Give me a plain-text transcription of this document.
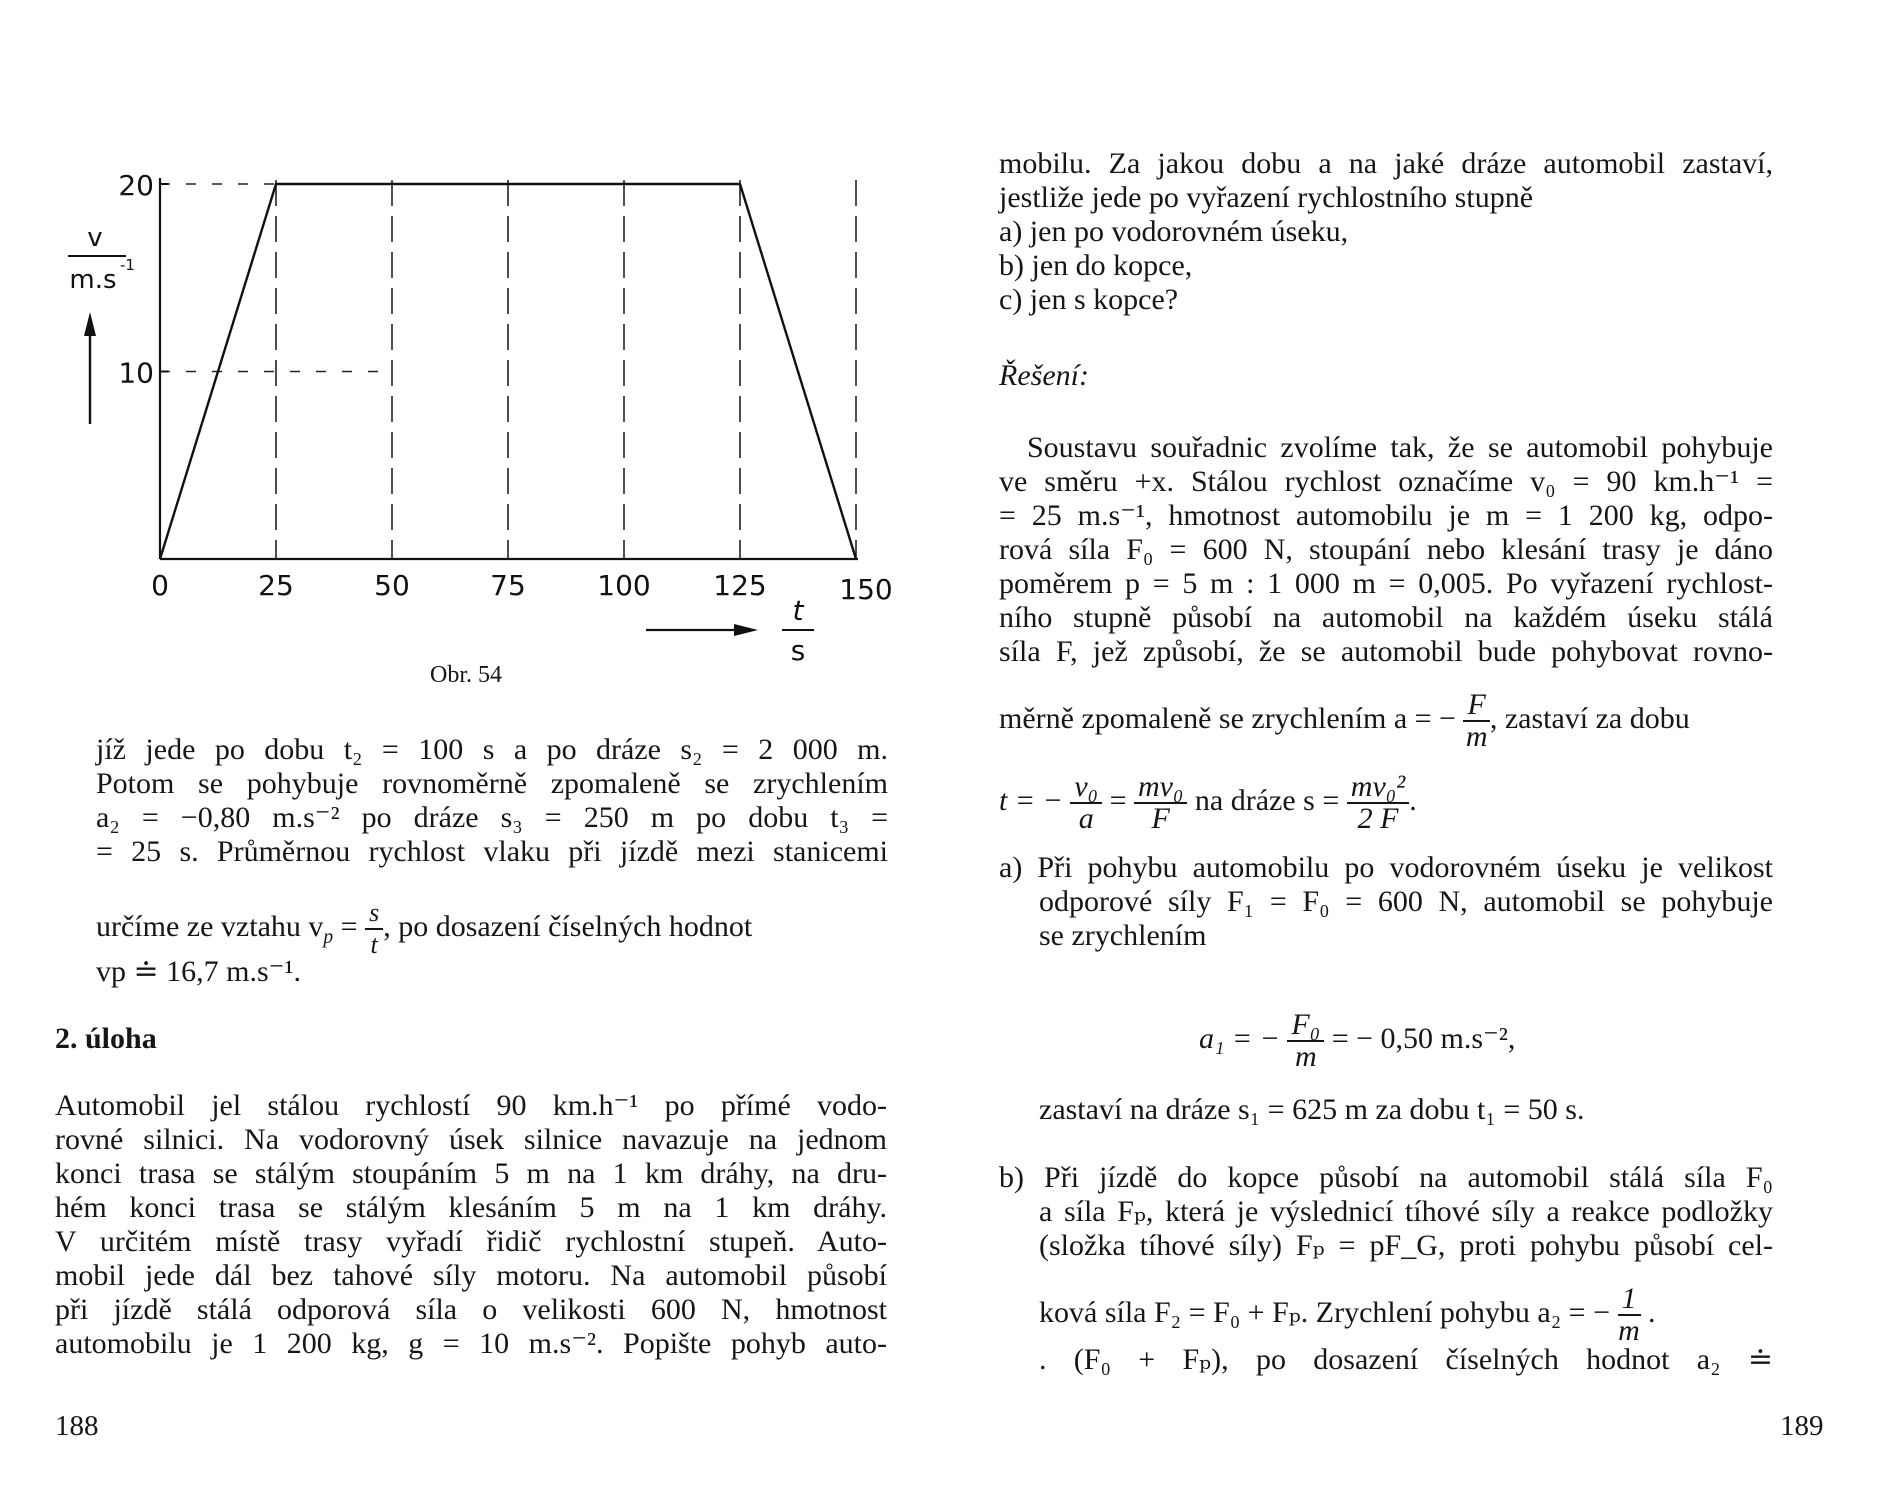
0	25	50	75	100 125	150
10
20
v
m.s -1
t
s
Obr. 54
jíž jede po dobu t₂ = 100 s a po dráze s₂ = 2 000 m.
Potom se pohybuje rovnoměrně zpomaleně se zrychlením
a₂ = −0,80 m.s⁻² po dráze s₃ = 250 m po dobu t₃ =
= 25 s. Průměrnou rychlost vlaku při jízdě mezi stanicemi
určíme ze vztahu $v_p = \frac{s}{t}$ , po dosazení číselných hodnot
vp ≐ 16,7 m.s⁻¹.
2. úloha
Automobil jel stálou rychlostí 90 km.h⁻¹ po přímé vodo-
rovné silnici. Na vodorovný úsek silnice navazuje na jednom
konci trasa se stálým stoupáním 5 m na 1 km dráhy, na dru-
hém konci trasa se stálým klesáním 5 m na 1 km dráhy.
V určitém místě trasy vyřadí řidič rychlostní stupeň. Auto-
mobil jede dál bez tahové síly motoru. Na automobil působí
při jízdě stálá odporová síla o velikosti 600 N, hmotnost
automobilu je 1 200 kg, g = 10 m.s⁻². Popište pohyb auto-
188
mobilu. Za jakou dobu a na jaké dráze automobil zastaví,
jestliže jede po vyřazení rychlostního stupně
a) jen po vodorovném úseku,
b) jen do kopce,
c) jen s kopce?
Řešení:
Soustavu souřadnic zvolíme tak, že se automobil pohybuje
ve směru +x. Stálou rychlost označíme v₀ = 90 km.h⁻¹ =
= 25 m.s⁻¹, hmotnost automobilu je m = 1 200 kg, odpo-
rová síla F₀ = 600 N, stoupání nebo klesání trasy je dáno
poměrem p = 5 m : 1 000 m = 0,005. Po vyřazení rychlost-
ního stupně působí na automobil na každém úseku stálá
síla F, jež způsobí, že se automobil bude pohybovat rovno-
měrně zpomaleně se zrychlením a = − $\frac{F}{m}$ , zastaví za dobu
t = − $\frac{\text{v₀}}{a} = \frac{\text{mv₀}}{F}$ na dráze $s = \frac{\text{mv₀²}}{2 F}$ .
a) Při pohybu automobilu po vodorovném úseku je velikost
odporové síly F₁ = F₀ = 600 N, automobil se pohybuje
se zrychlením
a₁ = − $\frac{\text{F₀}}{m}$ = − 0,50 m.s⁻²,
zastaví na dráze s₁ = 625 m za dobu t₁ = 50 s.
b) Při jízdě do kopce působí na automobil stálá síla F₀
a síla Fₚ, která je výslednicí tíhové síly a reakce podložky
(složka tíhové síly) Fₚ = pF_G, proti pohybu působí cel-
ková síla F₂ = F₀ + Fₚ. Zrychlení pohybu a₂ = − $\frac{1}{m}$ .
. (F₀ + Fₚ), po dosazení číselných hodnot a₂ ≐
189
